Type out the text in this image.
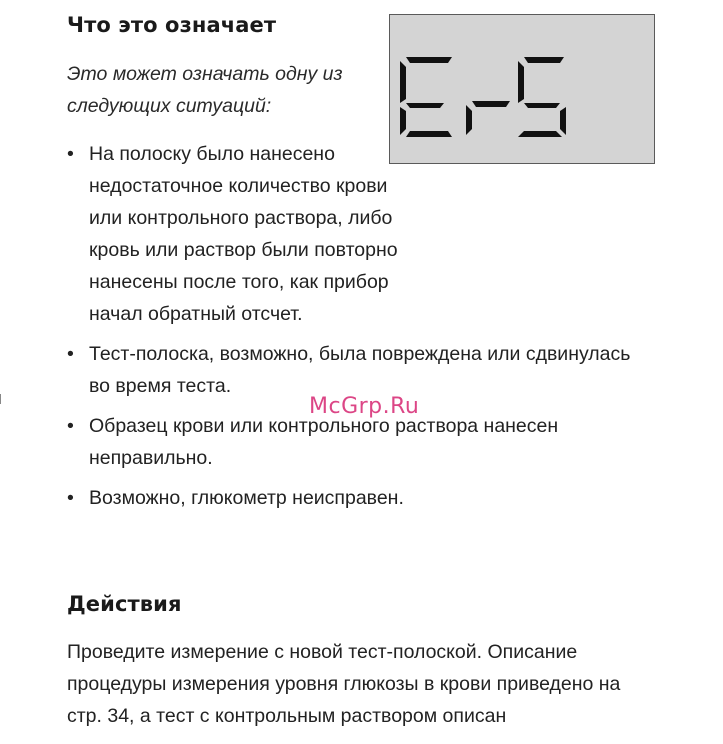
Что это означает

Это может означать одну из следующих ситуаций:

• На полоску было нанесено недостаточное количество крови или контрольного раствора, либо кровь или раствор были повторно нанесены после того, как прибор начал обратный отсчет.
• Тест-полоска, возможно, была повреждена или сдвинулась во время теста.
• Образец крови или контрольного раствора нанесен неправильно.
• Возможно, глюкометр неисправен.
McGrp.Ru
Действия

Проведите измерение с новой тест-полоской. Описание процедуры измерения уровня глюкозы в крови приведено на стр. 34, а тест с контрольным раствором описан
